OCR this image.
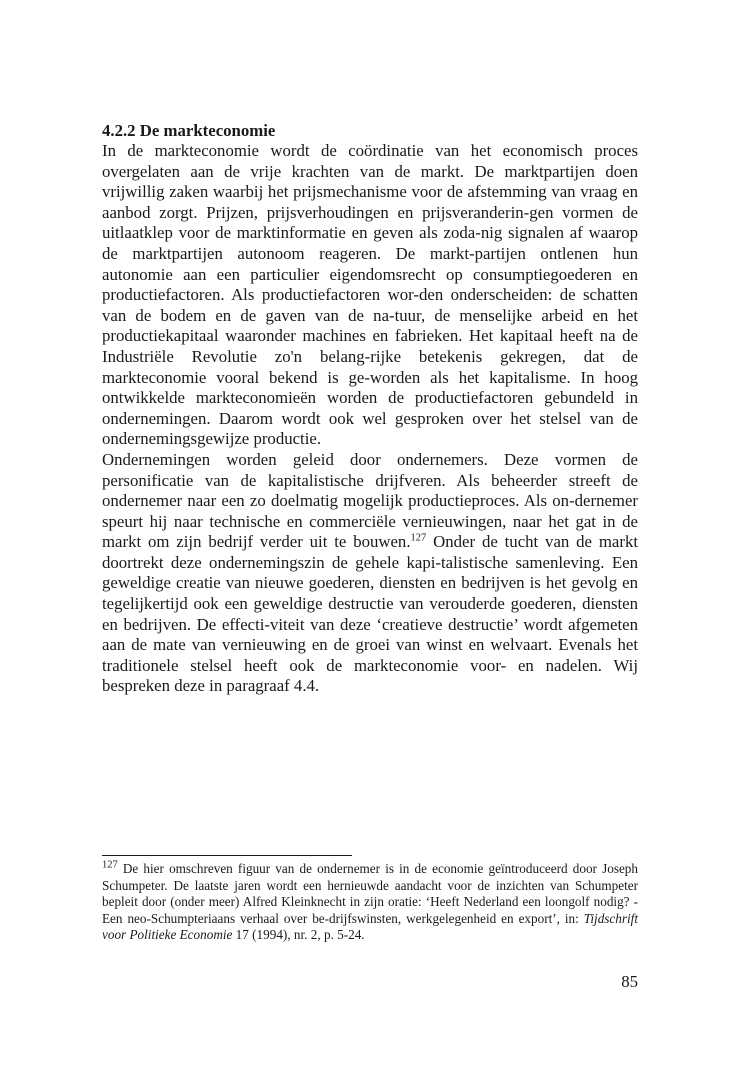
4.2.2 De markteconomie

In de markteconomie wordt de coördinatie van het economisch proces overgelaten aan de vrije krachten van de markt. De marktpartijen doen vrijwillig zaken waarbij het prijsmechanisme voor de afstemming van vraag en aanbod zorgt. Prijzen, prijsverhoudingen en prijsveranderin-gen vormen de uitlaatklep voor de marktinformatie en geven als zoda-nig signalen af waarop de marktpartijen autonoom reageren. De markt-partijen ontlenen hun autonomie aan een particulier eigendomsrecht op consumptiegoederen en productiefactoren. Als productiefactoren wor-den onderscheiden: de schatten van de bodem en de gaven van de na-tuur, de menselijke arbeid en het productiekapitaal waaronder machines en fabrieken. Het kapitaal heeft na de Industriële Revolutie zo'n belang-rijke betekenis gekregen, dat de markteconomie vooral bekend is ge-worden als het kapitalisme. In hoog ontwikkelde markteconomieën worden de productiefactoren gebundeld in ondernemingen. Daarom wordt ook wel gesproken over het stelsel van de ondernemingsgewijze productie.

Ondernemingen worden geleid door ondernemers. Deze vormen de personificatie van de kapitalistische drijfveren. Als beheerder streeft de ondernemer naar een zo doelmatig mogelijk productieproces. Als on-dernemer speurt hij naar technische en commerciële vernieuwingen, naar het gat in de markt om zijn bedrijf verder uit te bouwen.$^{127}$ Onder de tucht van de markt doortrekt deze ondernemingszin de gehele kapi-talistische samenleving. Een geweldige creatie van nieuwe goederen, diensten en bedrijven is het gevolg en tegelijkertijd ook een geweldige destructie van verouderde goederen, diensten en bedrijven. De effecti-viteit van deze ‘creatieve destructie’ wordt afgemeten aan de mate van vernieuwing en de groei van winst en welvaart. Evenals het traditionele stelsel heeft ook de markteconomie voor- en nadelen. Wij bespreken deze in paragraaf 4.4.

$^{127}$ De hier omschreven figuur van de ondernemer is in de economie geïntroduceerd door Joseph Schumpeter. De laatste jaren wordt een hernieuwde aandacht voor de inzichten van Schumpeter bepleit door (onder meer) Alfred Kleinknecht in zijn oratie: ‘Heeft Nederland een loongolf nodig? - Een neo-Schumpteriaans verhaal over be-drijfswinsten, werkgelegenheid en export’, in: Tijdschrift voor Politieke Economie 17 (1994), nr. 2, p. 5-24.

85
